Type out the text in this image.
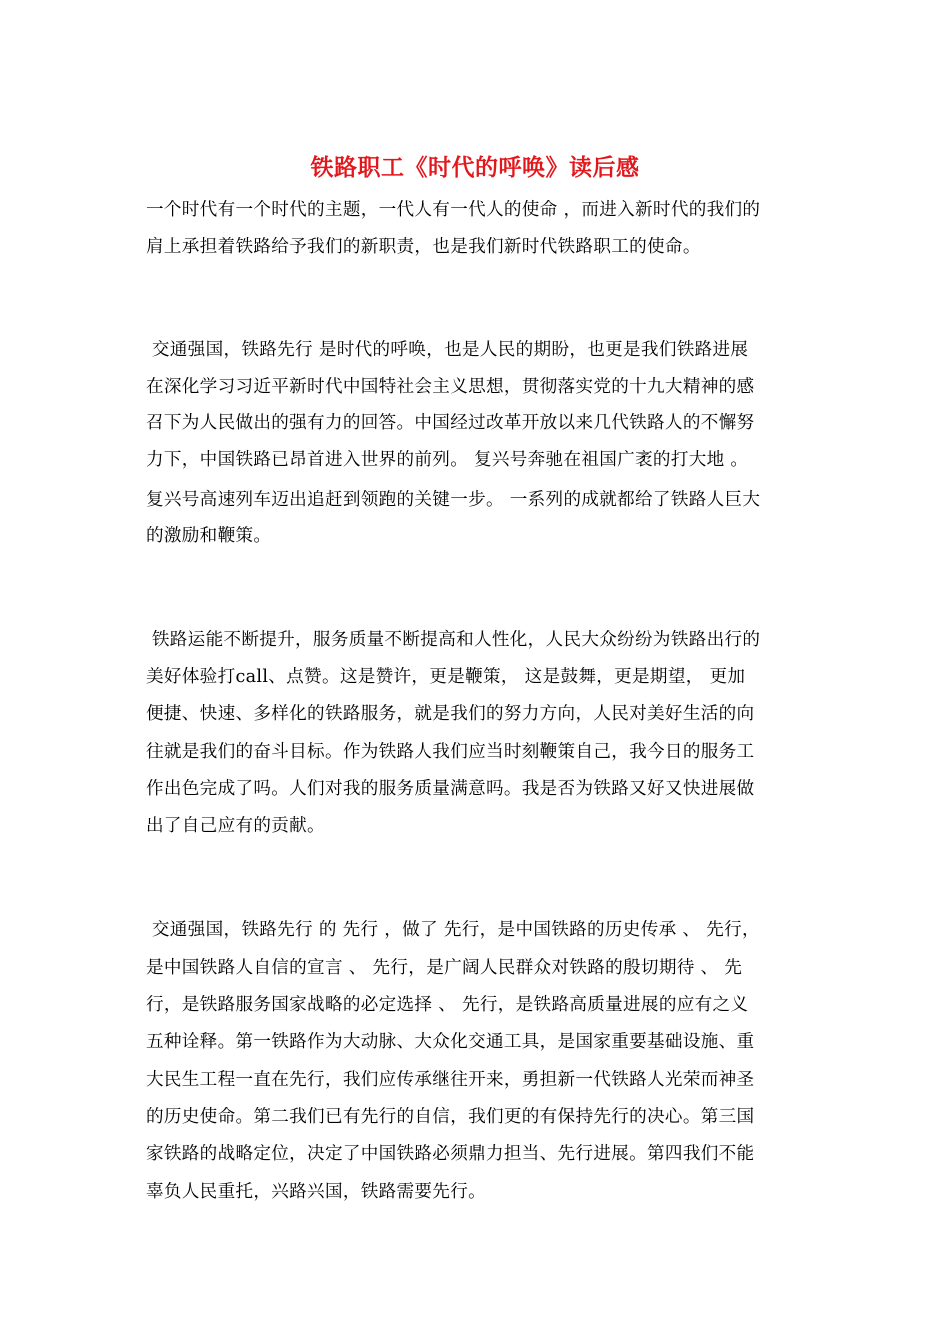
铁路职工《时代的呼唤》读后感
一个时代有一个时代的主题，一代人有一代人的使命 ，而进入新时代的我们的
肩上承担着铁路给予我们的新职责，也是我们新时代铁路职工的使命。
交通强国，铁路先行 是时代的呼唤，也是人民的期盼，也更是我们铁路进展
在深化学习习近平新时代中国特社会主义思想，贯彻落实党的十九大精神的感
召下为人民做出的强有力的回答。中国经过改革开放以来几代铁路人的不懈努
力下，中国铁路已昂首进入世界的前列。 复兴号奔驰在祖国广袤的打大地 。
复兴号高速列车迈出追赶到领跑的关键一步。 一系列的成就都给了铁路人巨大
的激励和鞭策。
铁路运能不断提升，服务质量不断提高和人性化，人民大众纷纷为铁路出行的
美好体验打call、点赞。这是赞许，更是鞭策， 这是鼓舞，更是期望， 更加
便捷、快速、多样化的铁路服务，就是我们的努力方向，人民对美好生活的向
往就是我们的奋斗目标。作为铁路人我们应当时刻鞭策自己，我今日的服务工
作出色完成了吗。人们对我的服务质量满意吗。我是否为铁路又好又快进展做
出了自己应有的贡献。
交通强国，铁路先行 的 先行 ，做了 先行，是中国铁路的历史传承 、 先行，
是中国铁路人自信的宣言 、 先行，是广阔人民群众对铁路的殷切期待 、 先
行，是铁路服务国家战略的必定选择 、 先行，是铁路高质量进展的应有之义
五种诠释。第一铁路作为大动脉、大众化交通工具，是国家重要基础设施、重
大民生工程一直在先行，我们应传承继往开来，勇担新一代铁路人光荣而神圣
的历史使命。第二我们已有先行的自信，我们更的有保持先行的决心。第三国
家铁路的战略定位，决定了中国铁路必须鼎力担当、先行进展。第四我们不能
辜负人民重托，兴路兴国，铁路需要先行。
